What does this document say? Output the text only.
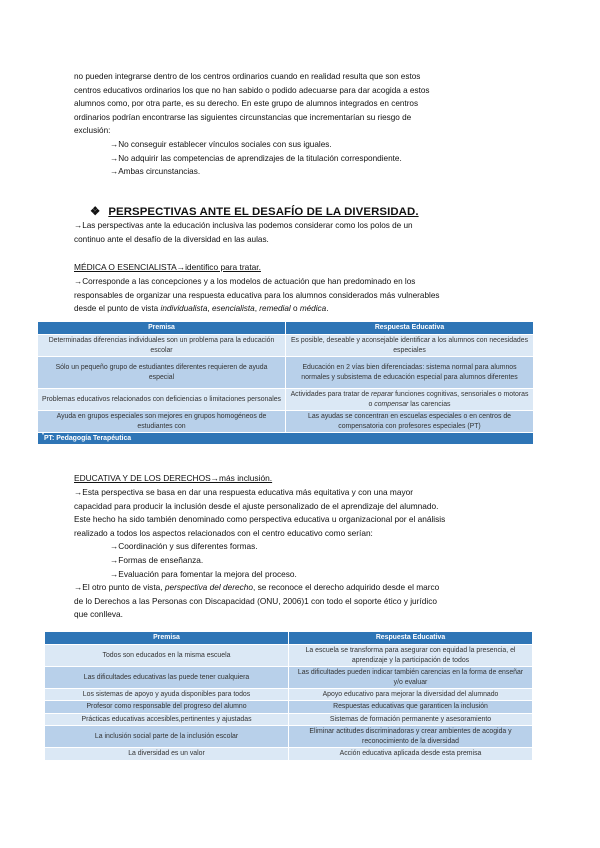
no pueden integrarse dentro de los centros ordinarios cuando en realidad resulta que son estos

centros educativos ordinarios los que no han sabido o podido adecuarse para dar acogida a estos

alumnos como, por otra parte, es su derecho. En este grupo de alumnos integrados en centros

ordinarios podrían encontrarse las siguientes circunstancias que incrementarían su riesgo de

exclusión:

→No conseguir establecer vínculos sociales con sus iguales.

→No adquirir las competencias de aprendizajes de la titulación correspondiente.

→Ambas circunstancias.

❖ PERSPECTIVAS ANTE EL DESAFÍO DE LA DIVERSIDAD.

→Las perspectivas ante la educación inclusiva las podemos considerar como los polos de un

continuo ante el desafío de la diversidad en las aulas.

MÉDICA O ESENCIALISTA→identifico para tratar.

→Corresponde a las concepciones y a los modelos de actuación que han predominado en los

responsables de organizar una respuesta educativa para los alumnos considerados más vulnerables

desde el punto de vista individualista, esencialista, remedial o médica.

Premisa	Respuesta Educativa
Determinadas diferencias individuales son un problema para la educación escolar	Es posible, deseable y aconsejable identificar a los alumnos con necesidades especiales
Sólo un pequeño grupo de estudiantes diferentes requieren de ayuda especial	Educación en 2 vías bien diferenciadas: sistema normal para alumnos normales y subsistema de educación especial para alumnos diferentes
Problemas educativos relacionados con deficiencias o limitaciones personales	Actividades para tratar de reparar funciones cognitivas, sensoriales o motoras o compensar las carencias
Ayuda en grupos especiales son mejores en grupos homogéneos de estudiantes con	Las ayudas se concentran en escuelas especiales o en centros de compensatoria con profesores especiales (PT)
*PT: Pedagogía Terapéutica	
EDUCATIVA Y DE LOS DERECHOS→más inclusión.

→Esta perspectiva se basa en dar una respuesta educativa más equitativa y con una mayor

capacidad para producir la inclusión desde el ajuste personalizado de el aprendizaje del alumnado.

Este hecho ha sido también denominado como perspectiva educativa u organizacional por el análisis

realizado a todos los aspectos relacionados con el centro educativo como serían:

→Coordinación y sus diferentes formas.

→Formas de enseñanza.

→Evaluación para fomentar la mejora del proceso.

→El otro punto de vista, perspectiva del derecho, se reconoce el derecho adquirido desde el marco

de lo Derechos a las Personas con Discapacidad (ONU, 2006)1 con todo el soporte ético y jurídico

que conlleva.

Premisa	Respuesta Educativa
Todos son educados en la misma escuela	La escuela se transforma para asegurar con equidad la presencia, el aprendizaje y la participación de todos
Las dificultades educativas las puede tener cualquiera	Las dificultades pueden indicar también carencias en la forma de enseñar y/o evaluar
Los sistemas de apoyo y ayuda disponibles para todos	Apoyo educativo para mejorar la diversidad del alumnado
Profesor como responsable del progreso del alumno	Respuestas educativas que garanticen la inclusión
Prácticas educativas accesibles,pertinentes y ajustadas	Sistemas de formación permanente y asesoramiento
La inclusión social parte de la inclusión escolar	Eliminar actitudes discriminadoras y crear ambientes de acogida y reconocimiento de la diversidad
La diversidad es un valor	Acción educativa aplicada desde esta premisa
